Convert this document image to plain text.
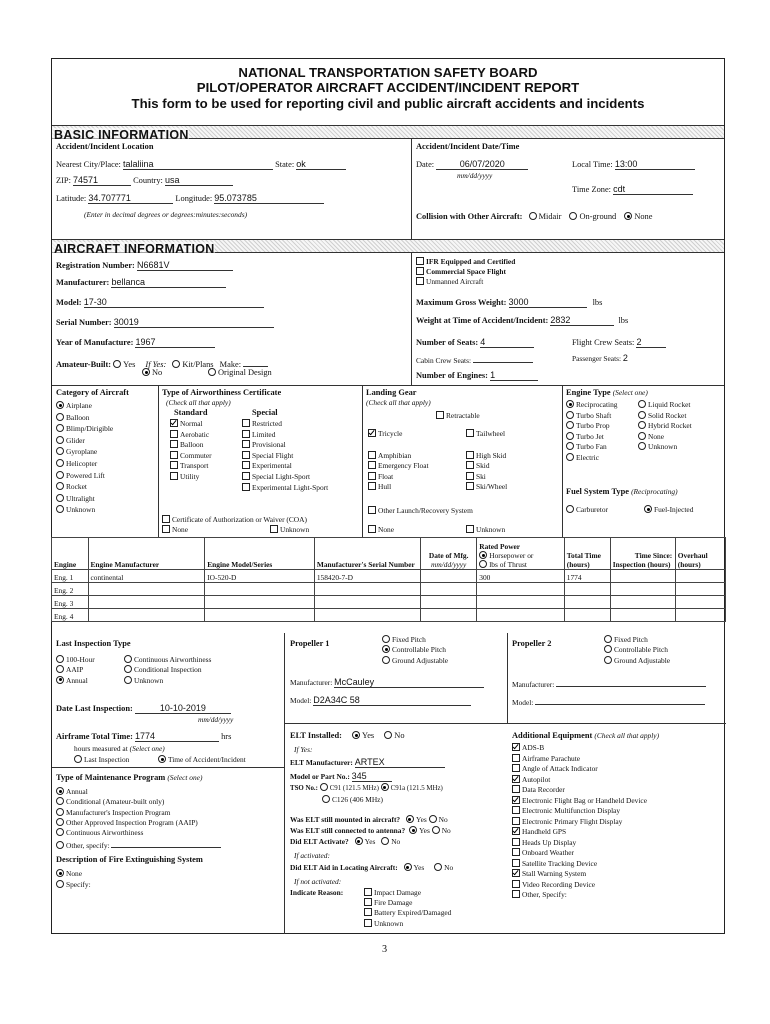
NATIONAL TRANSPORTATION SAFETY BOARD
PILOT/OPERATOR AIRCRAFT ACCIDENT/INCIDENT REPORT
This form to be used for reporting civil and public aircraft accidents and incidents
BASIC INFORMATION
Accident/Incident Location
Nearest City/Place: talaliina	State: ok
ZIP: 74571	Country: usa
Latitude: 34.707771	Longitude: 95.073785
(Enter in decimal degrees or degrees:minutes:seconds)
Accident/Incident Date/Time
Date:	06/07/2020
mm/dd/yyyy
Local Time: 13:00
Time Zone: cdt
Collision with Other Aircraft: Midair On-ground None
AIRCRAFT INFORMATION
Registration Number: N6681V
Manufacturer: bellanca
Model: 17-30
Serial Number: 30019
Year of Manufacture: 1967
Amateur-Built: Yes If Yes: Kit/Plans Make:
No	Original Design
IFR Equipped and Certified
Commercial Space Flight
Unmanned Aircraft
Maximum Gross Weight: 3000	lbs
Weight at Time of Accident/Incident: 2832	lbs
Number of Seats: 4	Flight Crew Seats: 2
Cabin Crew Seats:	Passenger Seats: 2
Number of Engines: 1
Category of Aircraft
Airplane
Balloon
Blimp/Dirigible
Glider
Gyroplane
Helicopter
Powered Lift
Rocket
Ultralight
Unknown
Type of Airworthiness Certificate
(Check all that apply)
Standard	Special
Normal
Aerobatic
Balloon
Commuter
Transport
Utility
Restricted
Limited
Provisional
Special Flight
Experimental
Special Light-Sport
Experimental Light-Sport
Certificate of Authorization or Waiver (COA)
None	Unknown
Landing Gear
(Check all that apply)
Retractable
Tricycle	Tailwheel
Amphibian
Emergency Float
Float
Hull
High Skid
Skid
Ski
Ski/Wheel
Other Launch/Recovery System
None	Unknown
Engine Type (Select one)
Reciprocating
Turbo Shaft
Turbo Prop
Turbo Jet
Turbo Fan
Electric
Liquid Rocket
Solid Rocket
Hybrid Rocket
None
Unknown
Fuel System Type (Reciprocating)
Carburetor	Fuel-Injected
Engine	Engine Manufacturer	Engine Model/Series	Manufacturer's Serial Number	Date of Mfg.
mm/dd/yyyy	Rated Power
Horsepower or
lbs of Thrust	Total Time (hours)	Time Since:
Inspection (hours)	Overhaul (hours)
Eng. 1	continental	IO-520-D	158420-7-D		300	1774		
Eng. 2								
Eng. 3								
Eng. 4								
Last Inspection Type
100-Hour
AAIP
Annual
Continuous Airworthiness
Conditional Inspection
Unknown
Date Last Inspection:	10-10-2019
mm/dd/yyyy
Airframe Total Time: 1774	hrs
hours measured at (Select one)
Last Inspection	Time of Accident/Incident
Type of Maintenance Program (Select one)
Annual
Conditional (Amateur-built only)
Manufacturer's Inspection Program
Other Approved Inspection Program (AAIP)
Continuous Airworthiness
Other, specify:
Description of Fire Extinguishing System
None
Specify:
Propeller 1	Fixed Pitch
Controllable Pitch
Ground Adjustable
Manufacturer: McCauley
Model: D2A34C 58
Propeller 2	Fixed Pitch
Controllable Pitch
Ground Adjustable
Manufacturer:
Model:
ELT Installed: Yes No
If Yes:
ELT Manufacturer: ARTEX
Model or Part No.: 345
TSO No.: C91 (121.5 MHz) C91a (121.5 MHz)
C126 (406 MHz)
Was ELT still mounted in aircraft? Yes No
Was ELT still connected to antenna? Yes No
Did ELT Activate? Yes No
If activated:
Did ELT Aid in Locating Aircraft: Yes	No
If not activated:
Indicate Reason:	Impact Damage
Fire Damage
Battery Expired/Damaged
Unknown
Additional Equipment (Check all that apply)
ADS-B
Airframe Parachute
Angle of Attack Indicator
Autopilot
Data Recorder
Electronic Flight Bag or Handheld Device
Electronic Multifunction Display
Electronic Primary Flight Display
Handheld GPS
Heads Up Display
Onboard Weather
Satellite Tracking Device
Stall Warning System
Video Recording Device
Other, Specify:
3
